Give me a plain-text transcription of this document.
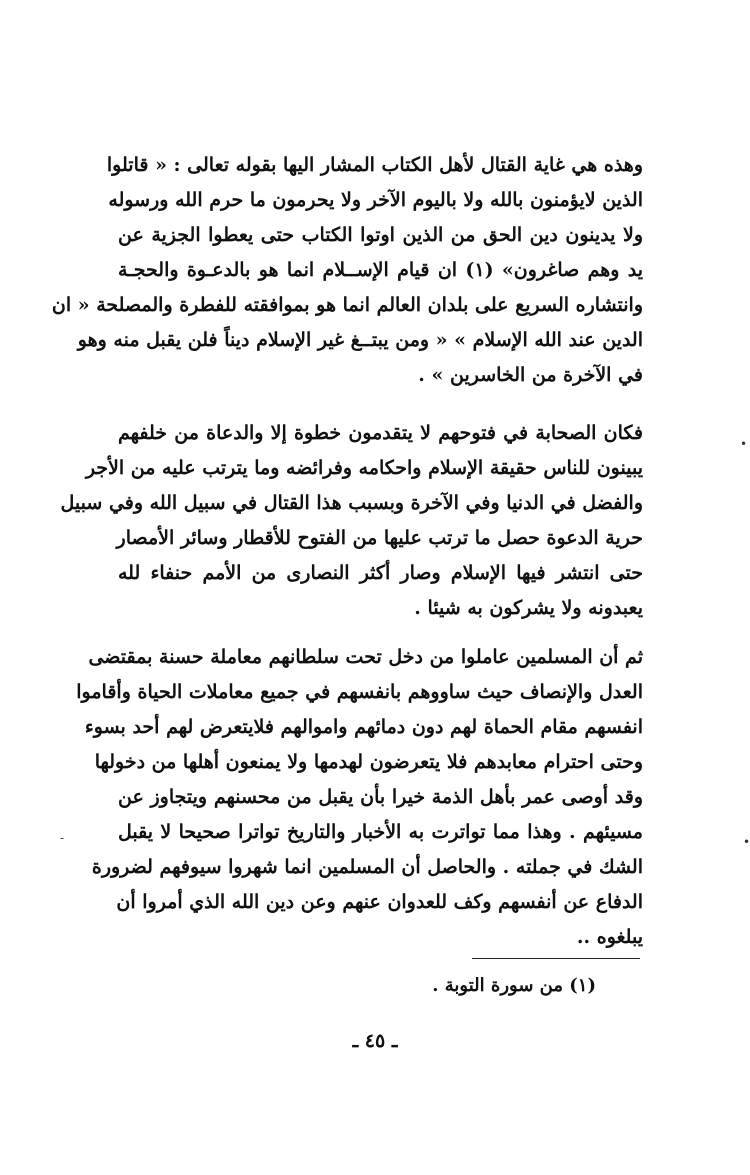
وهذه هي غاية القتال لأهل الكتاب المشار اليها بقوله تعالى : « قاتلوا
الذين لايؤمنون بالله ولا باليوم الآخر ولا يحرمون ما حرم الله ورسوله
ولا يدينون دين الحق من الذين اوتوا الكتاب حتى يعطوا الجزية عن
يد وهم صاغرون» (١) ان قيام الإســلام انما هو بالدعـوة والحجـة
وانتشاره السريع على بلدان العالم انما هو بموافقته للفطرة والمصلحة « ان
الدين عند الله الإسلام » « ومن يبتــغ غير الإسلام ديناً فلن يقبل منه وهو
في الآخرة من الخاسرين » .
فكان الصحابة في فتوحهم لا يتقدمون خطوة إلا والدعاة من خلفهم
يبينون للناس حقيقة الإسلام واحكامه وفرائضه وما يترتب عليه من الأجر
والفضل في الدنيا وفي الآخرة وبسبب هذا القتال في سبيل الله وفي سبيل
حرية الدعوة حصل ما ترتب عليها من الفتوح للأقطار وسائر الأمصار
حتى انتشر فيها الإسلام وصار أكثر النصارى من الأمم حنفاء لله
يعبدونه ولا يشركون به شيئا .
ثم أن المسلمين عاملوا من دخل تحت سلطانهم معاملة حسنة بمقتضى
العدل والإنصاف حيث ساووهم بانفسهم في جميع معاملات الحياة وأقاموا
انفسهم مقام الحماة لهم دون دمائهم واموالهم فلايتعرض لهم أحد بسوء
وحتى احترام معابدهم فلا يتعرضون لهدمها ولا يمنعون أهلها من دخولها
وقد أوصى عمر بأهل الذمة خيرا بأن يقبل من محسنهم ويتجاوز عن
مسيئهم . وهذا مما تواترت به الأخبار والتاريخ تواترا صحيحا لا يقبل
الشك في جملته . والحاصل أن المسلمين انما شهروا سيوفهم لضرورة
الدفاع عن أنفسهم وكف للعدوان عنهم وعن دين الله الذي أمروا أن
يبلغوه ..
(١) من سورة التوبة .
ـ ٤٥ ـ
•
•
-
